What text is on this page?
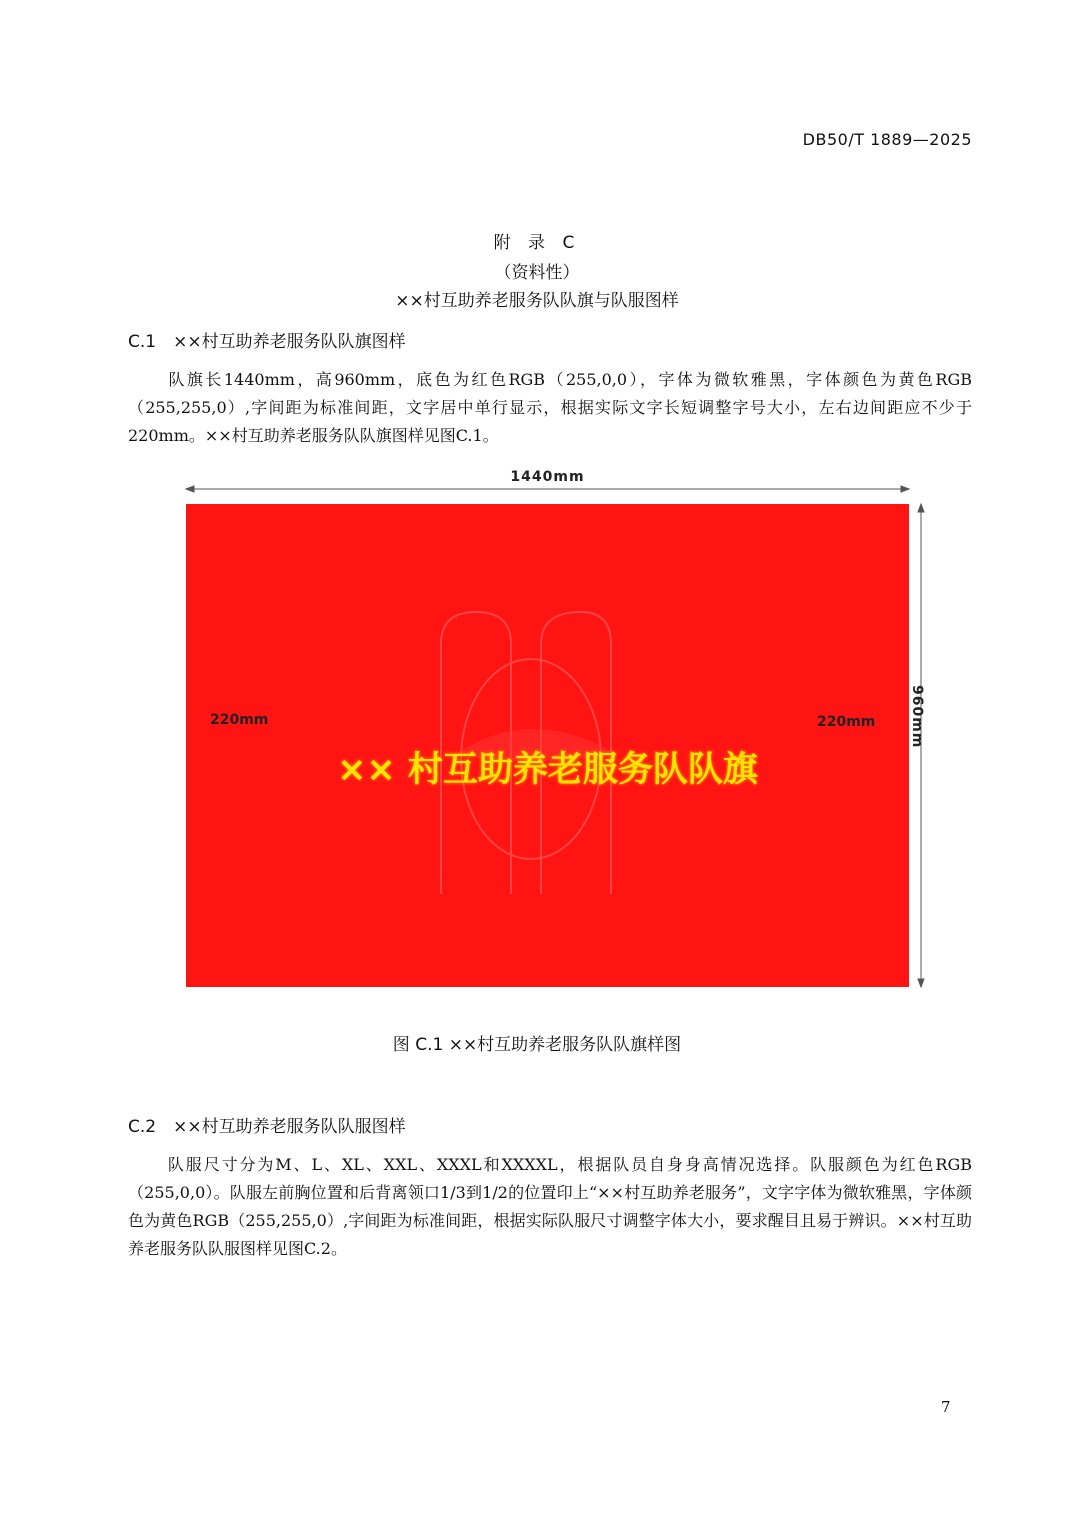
DB50/T 1889—2025
附 录 C
（资料性）
××村互助养老服务队队旗与队服图样
C.1　××村互助养老服务队队旗图样

队旗长1440mm，高960mm，底色为红色RGB（255,0,0），字体为微软雅黑，字体颜色为黄色RGB（255,255,0）,字间距为标准间距，文字居中单行显示，根据实际文字长短调整字号大小，左右边间距应不少于220mm。××村互助养老服务队队旗图样见图C.1。

1440mm
960mm
×× 村互助养老服务队队旗
220mm	220mm
图 C.1 ××村互助养老服务队队旗样图
C.2　××村互助养老服务队队服图样

队服尺寸分为M、L、XL、XXL、XXXL和XXXXL，根据队员自身身高情况选择。队服颜色为红色RGB（255,0,0）。队服左前胸位置和后背离领口1/3到1/2的位置印上“××村互助养老服务”，文字字体为微软雅黑，字体颜色为黄色RGB（255,255,0）,字间距为标准间距，根据实际队服尺寸调整字体大小，要求醒目且易于辨识。××村互助养老服务队队服图样见图C.2。

7
